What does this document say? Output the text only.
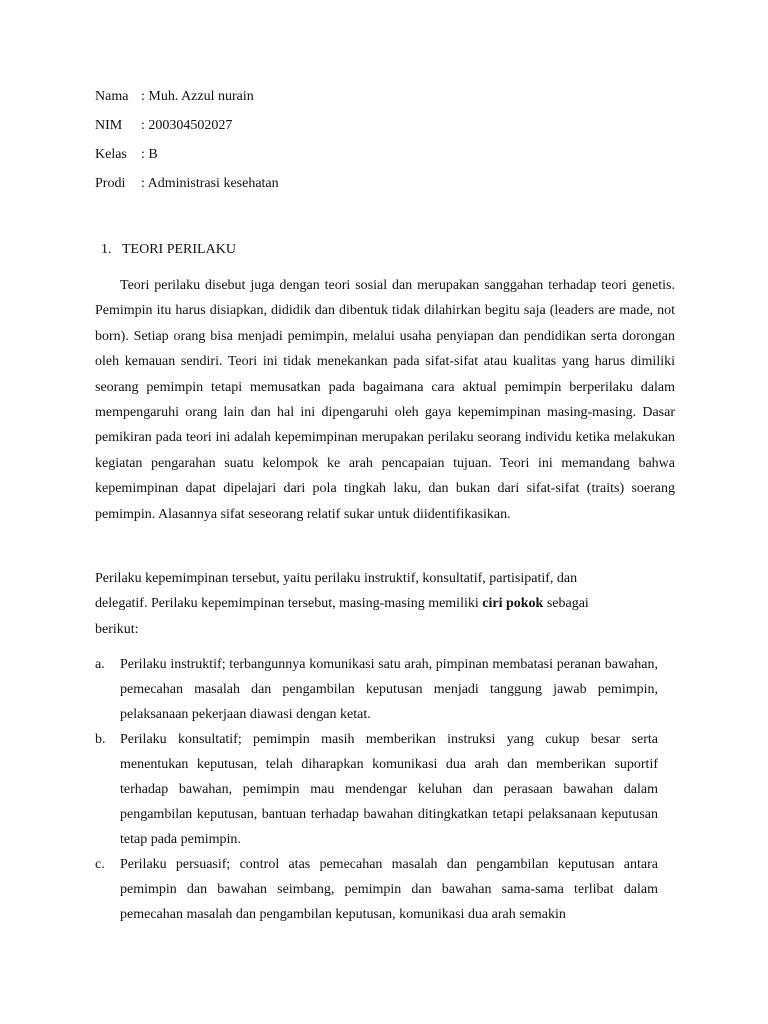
Nama : Muh. Azzul nurain
NIM	: 200304502027
Kelas	: B
Prodi	: Administrasi kesehatan
1. TEORI PERILAKU

Teori perilaku disebut juga dengan teori sosial dan merupakan sanggahan terhadap teori genetis. Pemimpin itu harus disiapkan, dididik dan dibentuk tidak dilahirkan begitu saja (leaders are made, not born). Setiap orang bisa menjadi pemimpin, melalui usaha penyiapan dan pendidikan serta dorongan oleh kemauan sendiri. Teori ini tidak menekankan pada sifat-sifat atau kualitas yang harus dimiliki seorang pemimpin tetapi memusatkan pada bagaimana cara aktual pemimpin berperilaku dalam mempengaruhi orang lain dan hal ini dipengaruhi oleh gaya kepemimpinan masing-masing. Dasar pemikiran pada teori ini adalah kepemimpinan merupakan perilaku seorang individu ketika melakukan kegiatan pengarahan suatu kelompok ke arah pencapaian tujuan. Teori ini memandang bahwa kepemimpinan dapat dipelajari dari pola tingkah laku, dan bukan dari sifat-sifat (traits) soerang pemimpin. Alasannya sifat seseorang relatif sukar untuk diidentifikasikan.

Perilaku kepemimpinan tersebut, yaitu perilaku instruktif, konsultatif, partisipatif, dan
delegatif. Perilaku kepemimpinan tersebut, masing-masing memiliki ciri pokok sebagai
berikut:

a.	Perilaku instruktif; terbangunnya komunikasi satu arah, pimpinan membatasi peranan bawahan, pemecahan masalah dan pengambilan keputusan menjadi tanggung jawab pemimpin, pelaksanaan pekerjaan diawasi dengan ketat.
b.	Perilaku konsultatif; pemimpin masih memberikan instruksi yang cukup besar serta menentukan keputusan, telah diharapkan komunikasi dua arah dan memberikan suportif terhadap bawahan, pemimpin mau mendengar keluhan dan perasaan bawahan dalam pengambilan keputusan, bantuan terhadap bawahan ditingkatkan tetapi pelaksanaan keputusan tetap pada pemimpin.
c.	Perilaku persuasif; control atas pemecahan masalah dan pengambilan keputusan antara pemimpin dan bawahan seimbang, pemimpin dan bawahan sama-sama terlibat dalam pemecahan masalah dan pengambilan keputusan, komunikasi dua arah semakin
